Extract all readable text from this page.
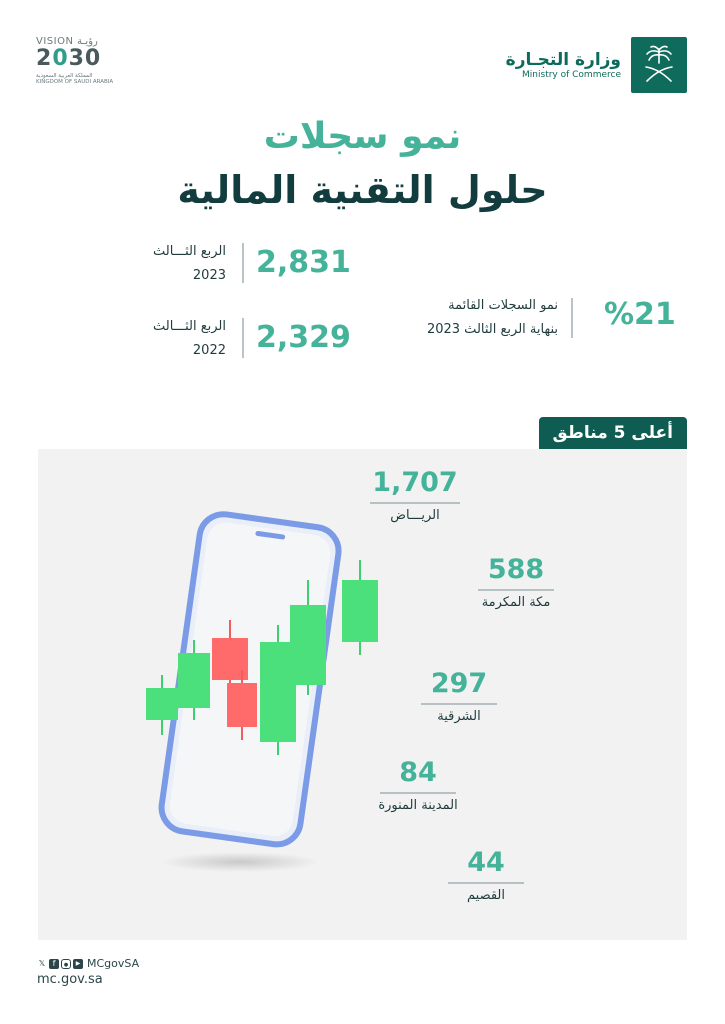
VISION رؤيـة
2030
المملكة العربية السعودية KINGDOM OF SAUDI ARABIA
وزارة التجـارة
Ministry of Commerce
نمو سجلات
حلول التقنية المالية
الربع الثـــالث
2023 2,831
الربع الثـــالث
2022 2,329
نمو السجلات القائمة
بنهاية الربع الثالث 2023 %21
أعلى 5 مناطق
1,707
الريـــاض
588
مكة المكرمة
297
الشرقية
84
المدينة المنورة
44
القصيم
𝕏 f	●	▶ MCgovSA
mc.gov.sa
